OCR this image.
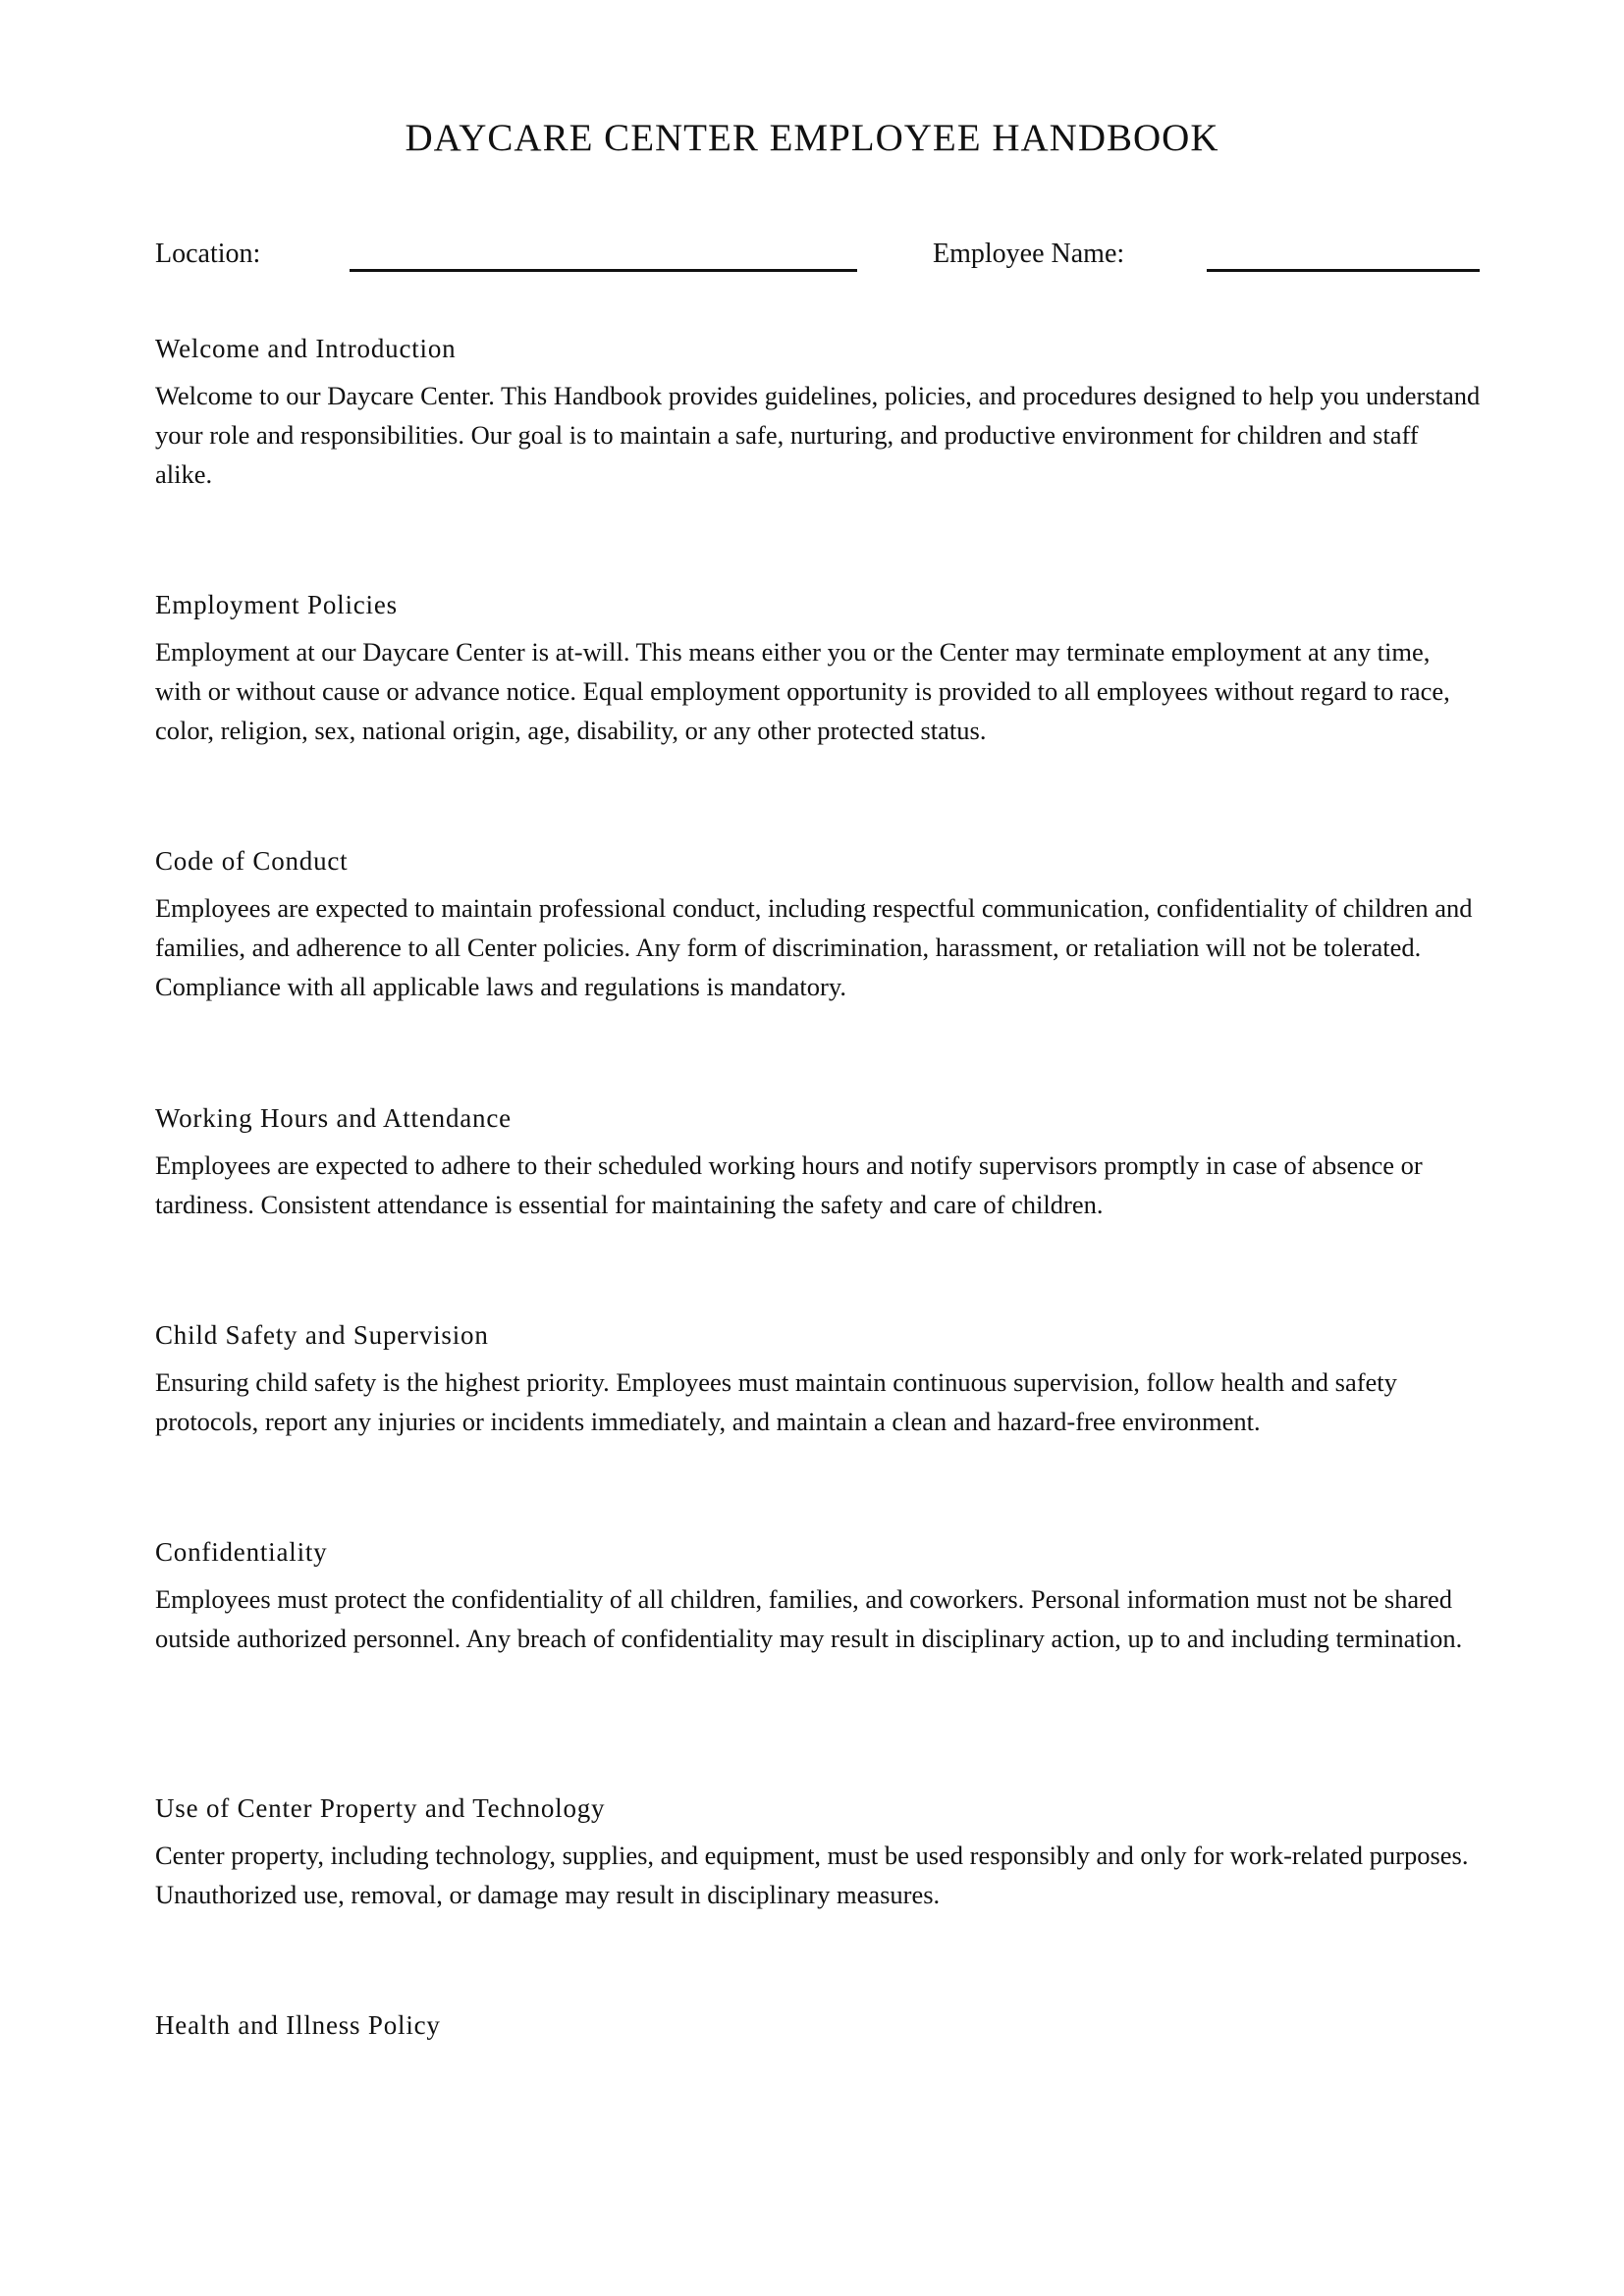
DAYCARE CENTER EMPLOYEE HANDBOOK
Location:	Employee Name:
Welcome and Introduction

Welcome to our Daycare Center. This Handbook provides guidelines, policies, and procedures designed to help you understand your role and responsibilities. Our goal is to maintain a safe, nurturing, and productive environment for children and staff alike.

Employment Policies

Employment at our Daycare Center is at-will. This means either you or the Center may terminate employment at any time, with or without cause or advance notice. Equal employment opportunity is provided to all employees without regard to race, color, religion, sex, national origin, age, disability, or any other protected status.

Code of Conduct

Employees are expected to maintain professional conduct, including respectful communication, confidentiality of children and families, and adherence to all Center policies. Any form of discrimination, harassment, or retaliation will not be tolerated. Compliance with all applicable laws and regulations is mandatory.

Working Hours and Attendance

Employees are expected to adhere to their scheduled working hours and notify supervisors promptly in case of absence or tardiness. Consistent attendance is essential for maintaining the safety and care of children.

Child Safety and Supervision

Ensuring child safety is the highest priority. Employees must maintain continuous supervision, follow health and safety protocols, report any injuries or incidents immediately, and maintain a clean and hazard-free environment.

Confidentiality

Employees must protect the confidentiality of all children, families, and coworkers. Personal information must not be shared outside authorized personnel. Any breach of confidentiality may result in disciplinary action, up to and including termination.

Use of Center Property and Technology

Center property, including technology, supplies, and equipment, must be used responsibly and only for work-related purposes. Unauthorized use, removal, or damage may result in disciplinary measures.

Health and Illness Policy
